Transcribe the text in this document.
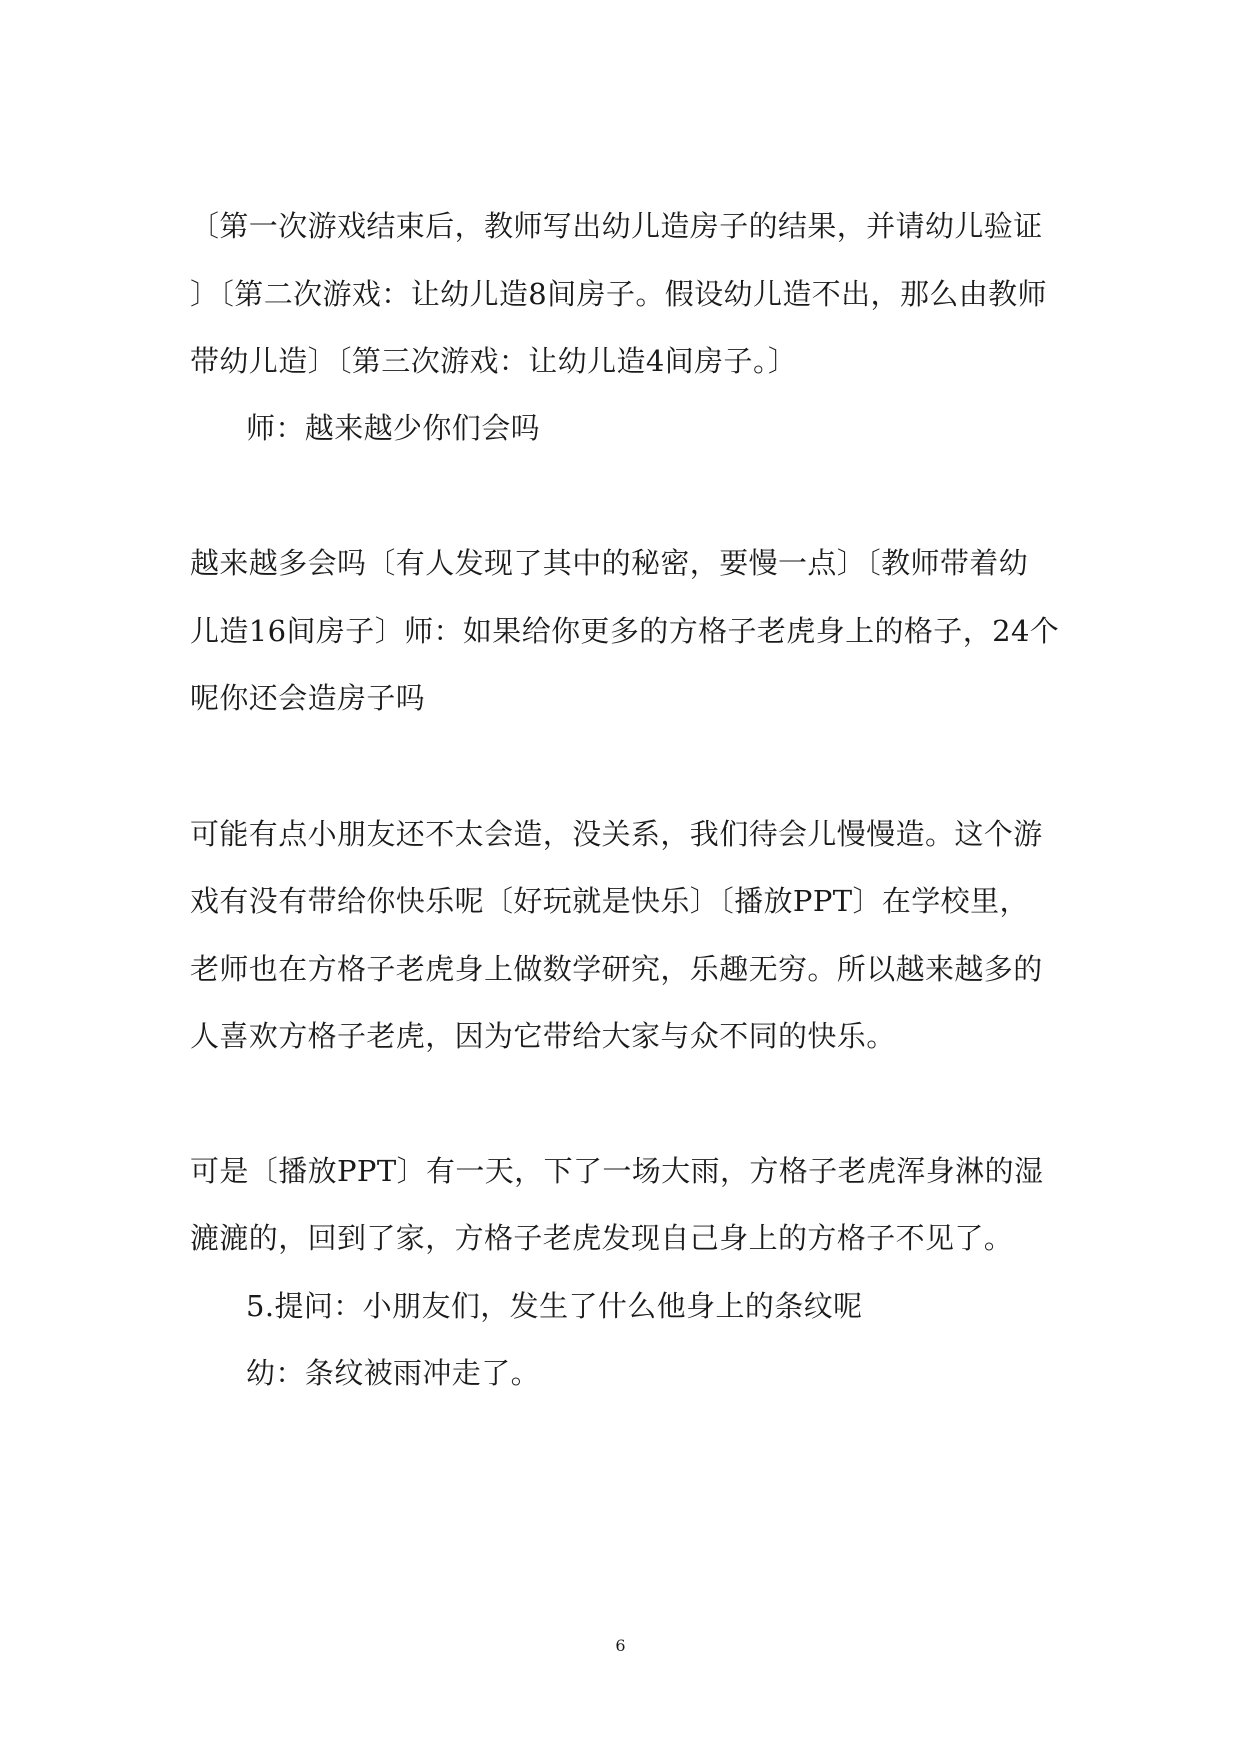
〔第一次游戏结束后，教师写出幼儿造房子的结果，并请幼儿验证
〕〔第二次游戏：让幼儿造8间房子。假设幼儿造不出，那么由教师
带幼儿造〕〔第三次游戏：让幼儿造4间房子。〕
师：越来越少你们会吗
越来越多会吗〔有人发现了其中的秘密，要慢一点〕〔教师带着幼
儿造16间房子〕师：如果给你更多的方格子老虎身上的格子，24个
呢你还会造房子吗
可能有点小朋友还不太会造，没关系，我们待会儿慢慢造。这个游
戏有没有带给你快乐呢〔好玩就是快乐〕〔播放PPT〕在学校里，
老师也在方格子老虎身上做数学研究，乐趣无穷。所以越来越多的
人喜欢方格子老虎，因为它带给大家与众不同的快乐。
可是〔播放PPT〕有一天，下了一场大雨，方格子老虎浑身淋的湿
漉漉的，回到了家，方格子老虎发现自己身上的方格子不见了。
5.提问：小朋友们，发生了什么他身上的条纹呢
幼：条纹被雨冲走了。
6
